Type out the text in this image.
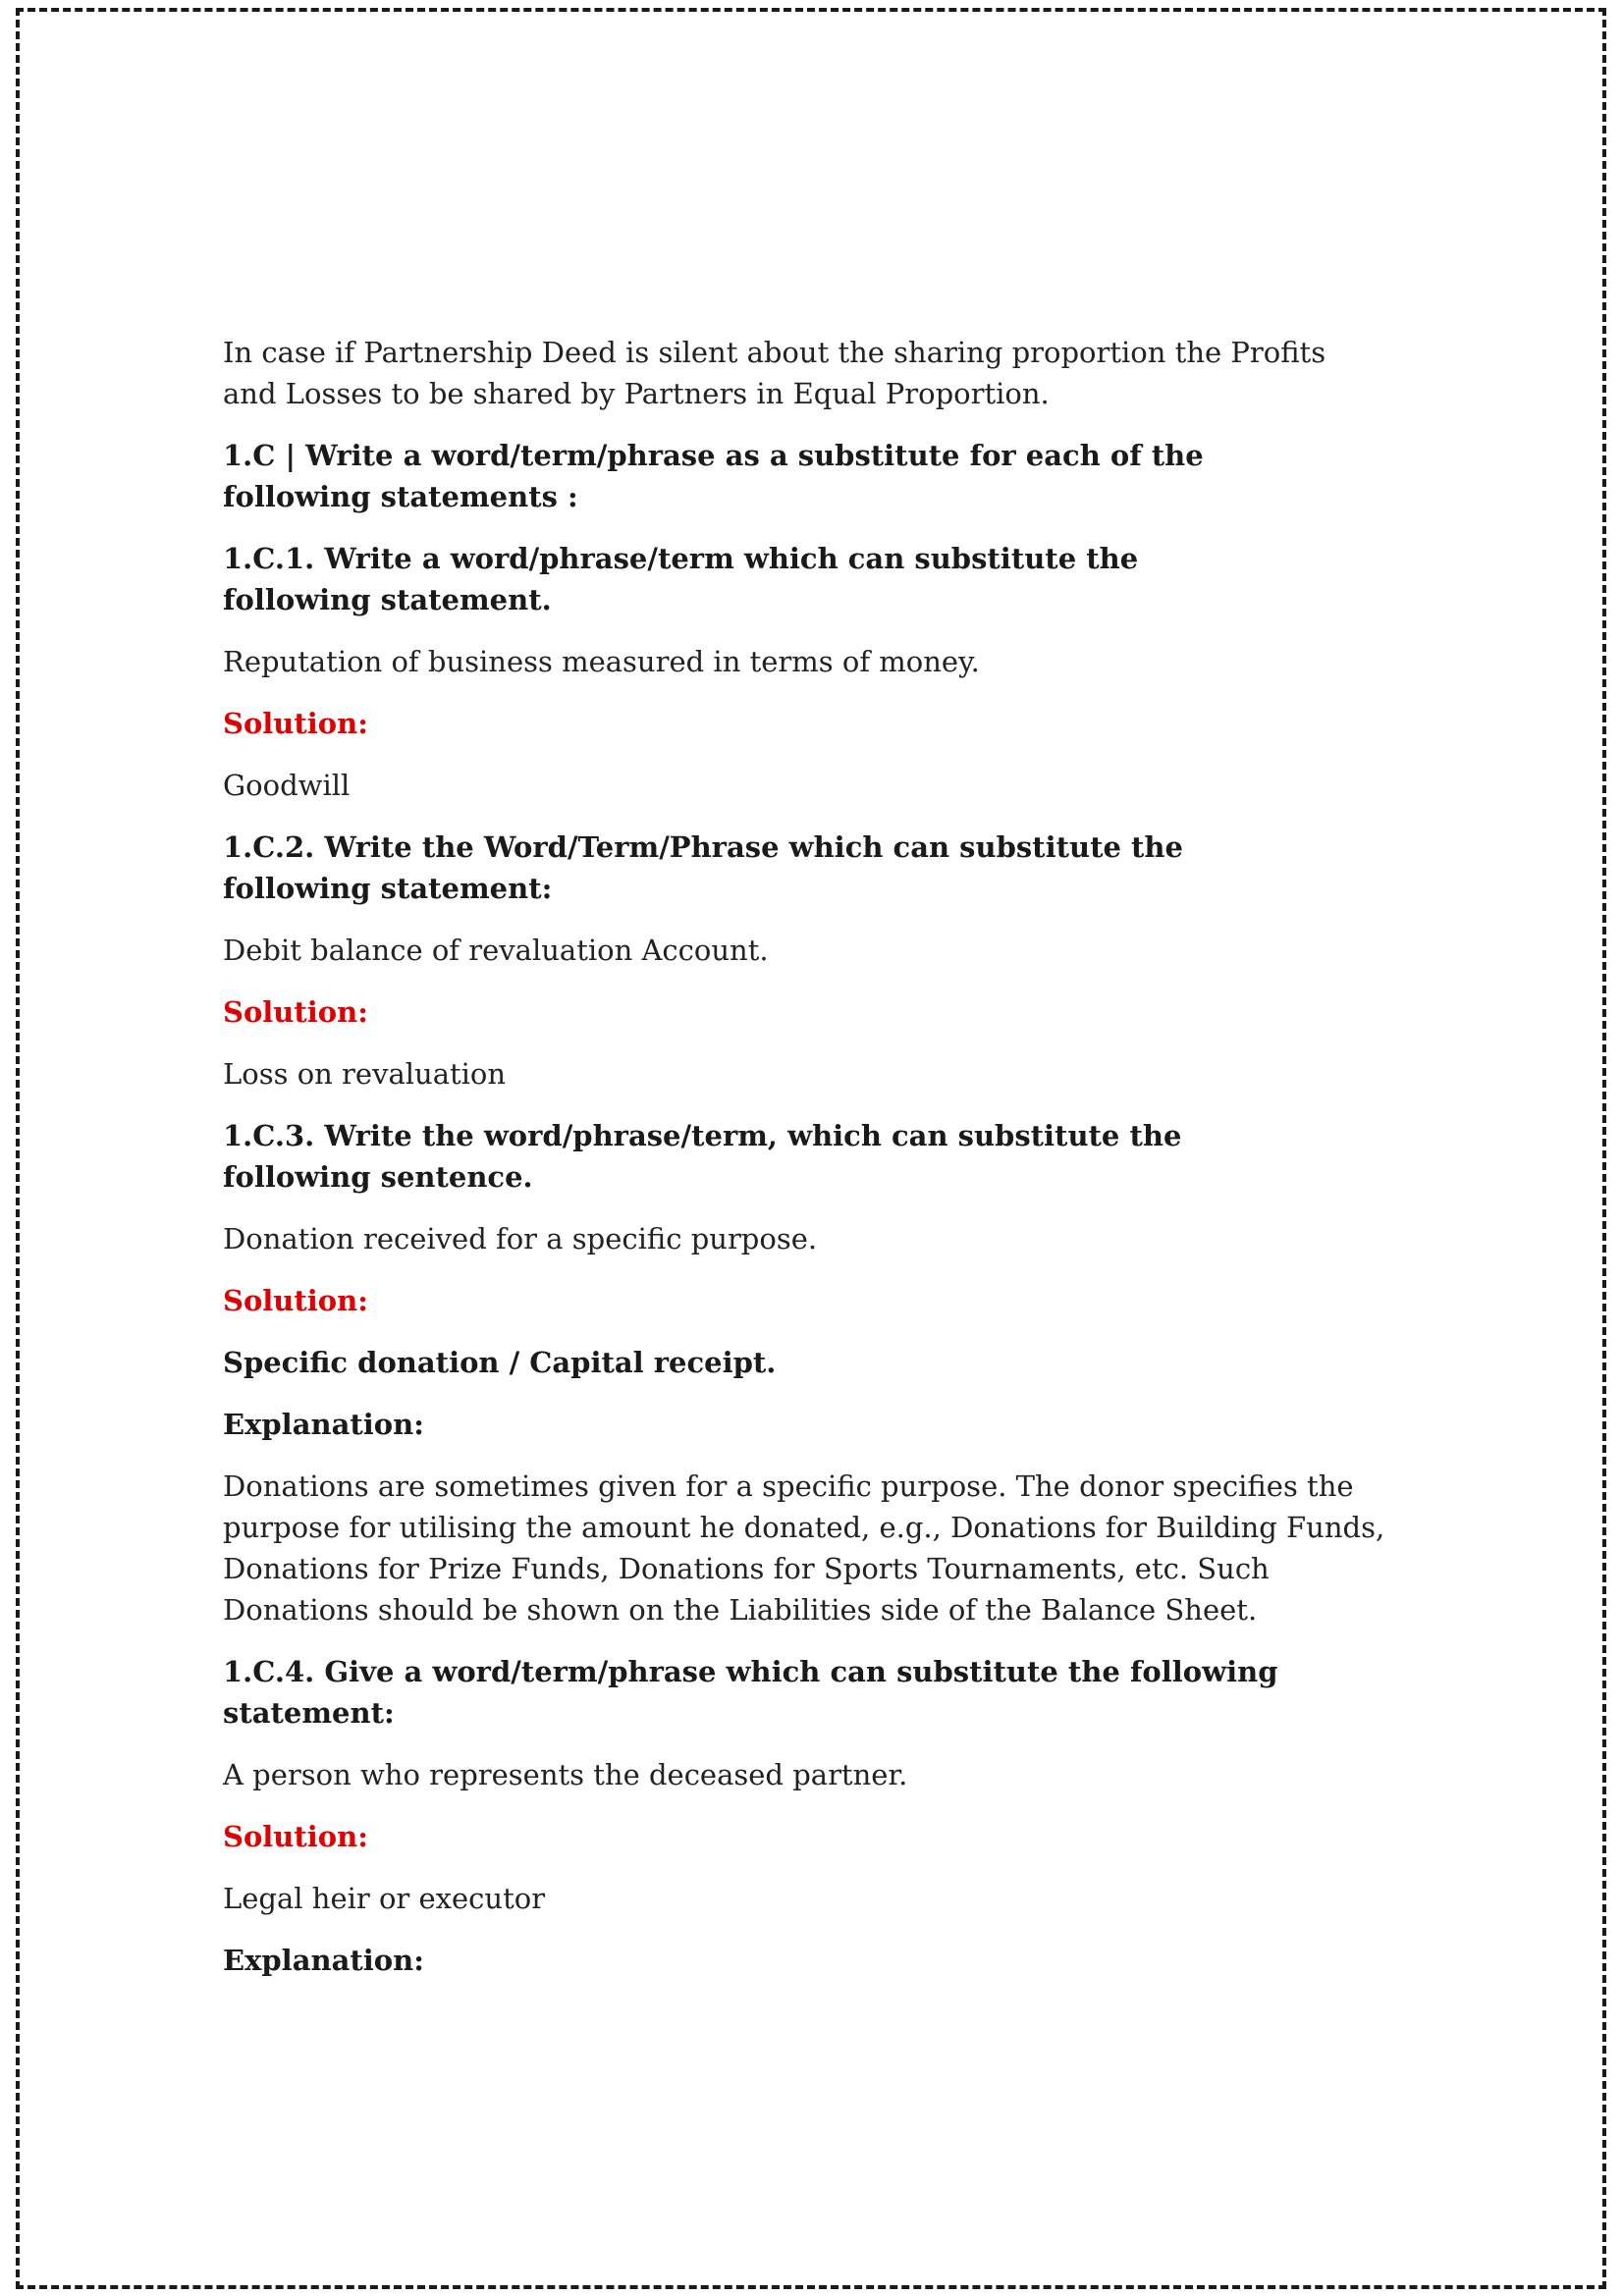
In case if Partnership Deed is silent about the sharing proportion the Profits and Losses to be shared by Partners in Equal Proportion.

1.C | Write a word/term/phrase as a substitute for each of the following statements :

1.C.1. Write a word/phrase/term which can substitute the following statement.

Reputation of business measured in terms of money.

Solution:

Goodwill

1.C.2. Write the Word/Term/Phrase which can substitute the following statement:

Debit balance of revaluation Account.

Solution:

Loss on revaluation

1.C.3. Write the word/phrase/term, which can substitute the following sentence.

Donation received for a specific purpose.

Solution:

Specific donation / Capital receipt.

Explanation:

Donations are sometimes given for a specific purpose. The donor specifies the purpose for utilising the amount he donated, e.g., Donations for Building Funds, Donations for Prize Funds, Donations for Sports Tournaments, etc. Such Donations should be shown on the Liabilities side of the Balance Sheet.

1.C.4. Give a word/term/phrase which can substitute the following statement:

A person who represents the deceased partner.

Solution:

Legal heir or executor

Explanation:
